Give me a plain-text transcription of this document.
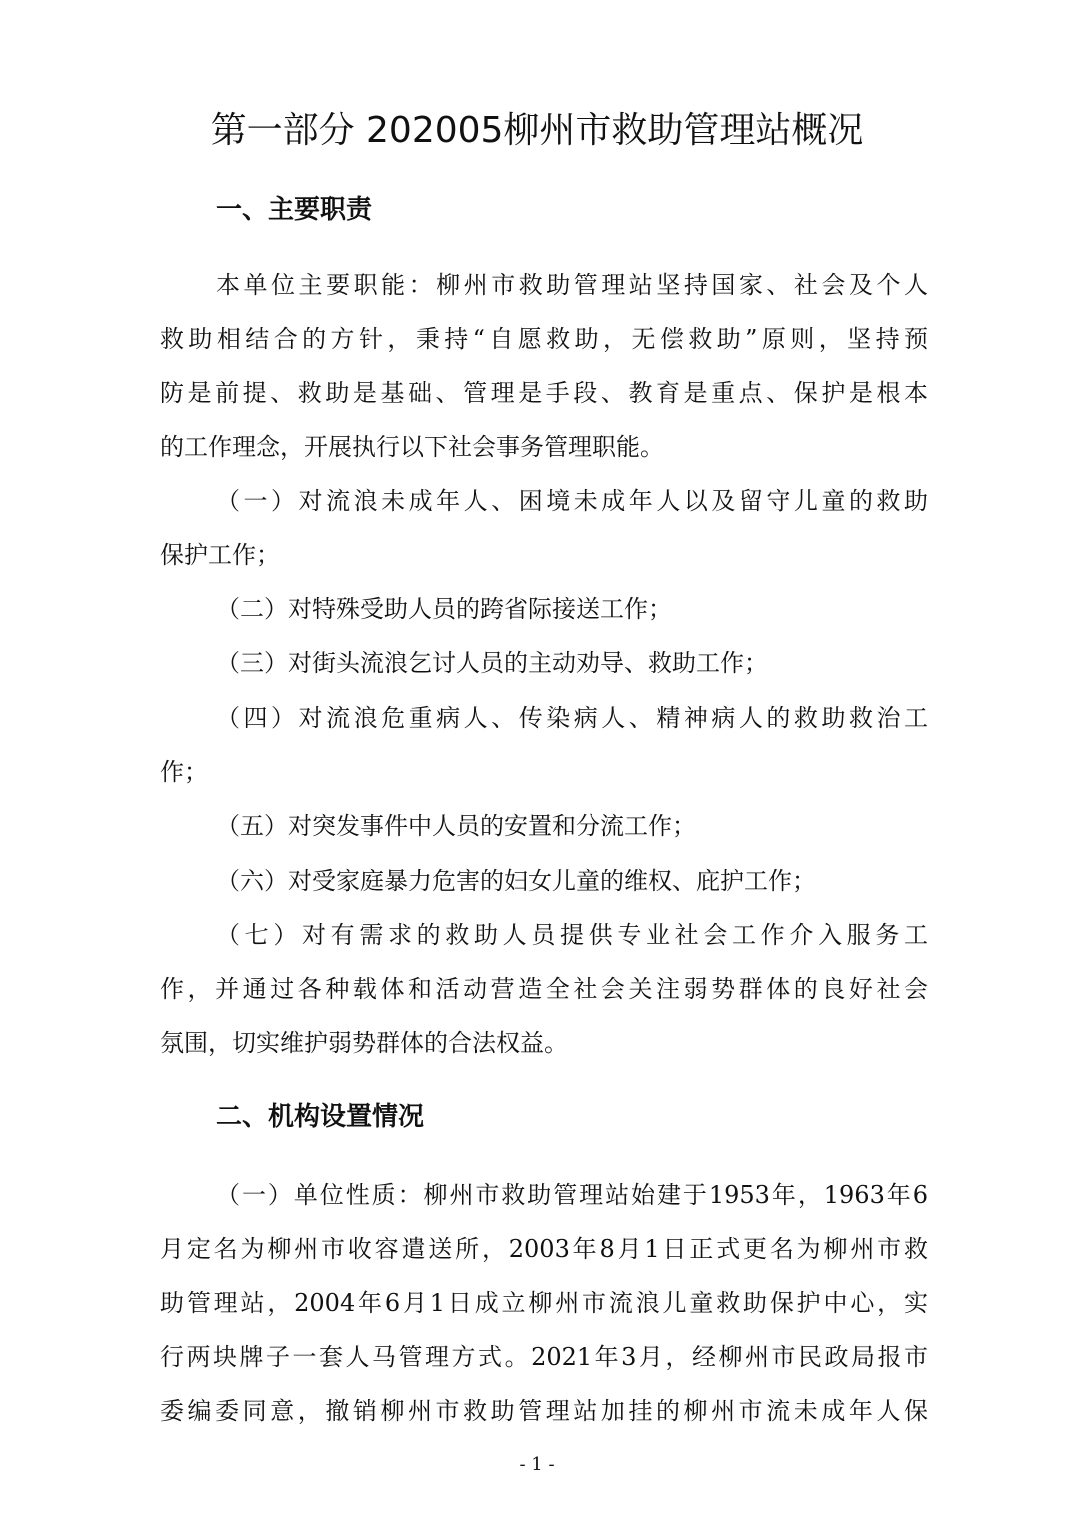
第一部分 202005柳州市救助管理站概况
一、主要职责

本单位主要职能：柳州市救助管理站坚持国家、社会及个人

救助相结合的方针，秉持“自愿救助，无偿救助”原则，坚持预

防是前提、救助是基础、管理是手段、教育是重点、保护是根本

的工作理念，开展执行以下社会事务管理职能。

（一）对流浪未成年人、困境未成年人以及留守儿童的救助

保护工作；

（二）对特殊受助人员的跨省际接送工作；

（三）对街头流浪乞讨人员的主动劝导、救助工作；

（四）对流浪危重病人、传染病人、精神病人的救助救治工

作；

（五）对突发事件中人员的安置和分流工作；

（六）对受家庭暴力危害的妇女儿童的维权、庇护工作；

（七）对有需求的救助人员提供专业社会工作介入服务工

作，并通过各种载体和活动营造全社会关注弱势群体的良好社会

氛围，切实维护弱势群体的合法权益。

二、机构设置情况

（一）单位性质：柳州市救助管理站始建于1953年，1963年6

月定名为柳州市收容遣送所，2003年8月1日正式更名为柳州市救

助管理站，2004年6月1日成立柳州市流浪儿童救助保护中心，实

行两块牌子一套人马管理方式。2021年3月，经柳州市民政局报市

委编委同意，撤销柳州市救助管理站加挂的柳州市流未成年人保

- 1 -
